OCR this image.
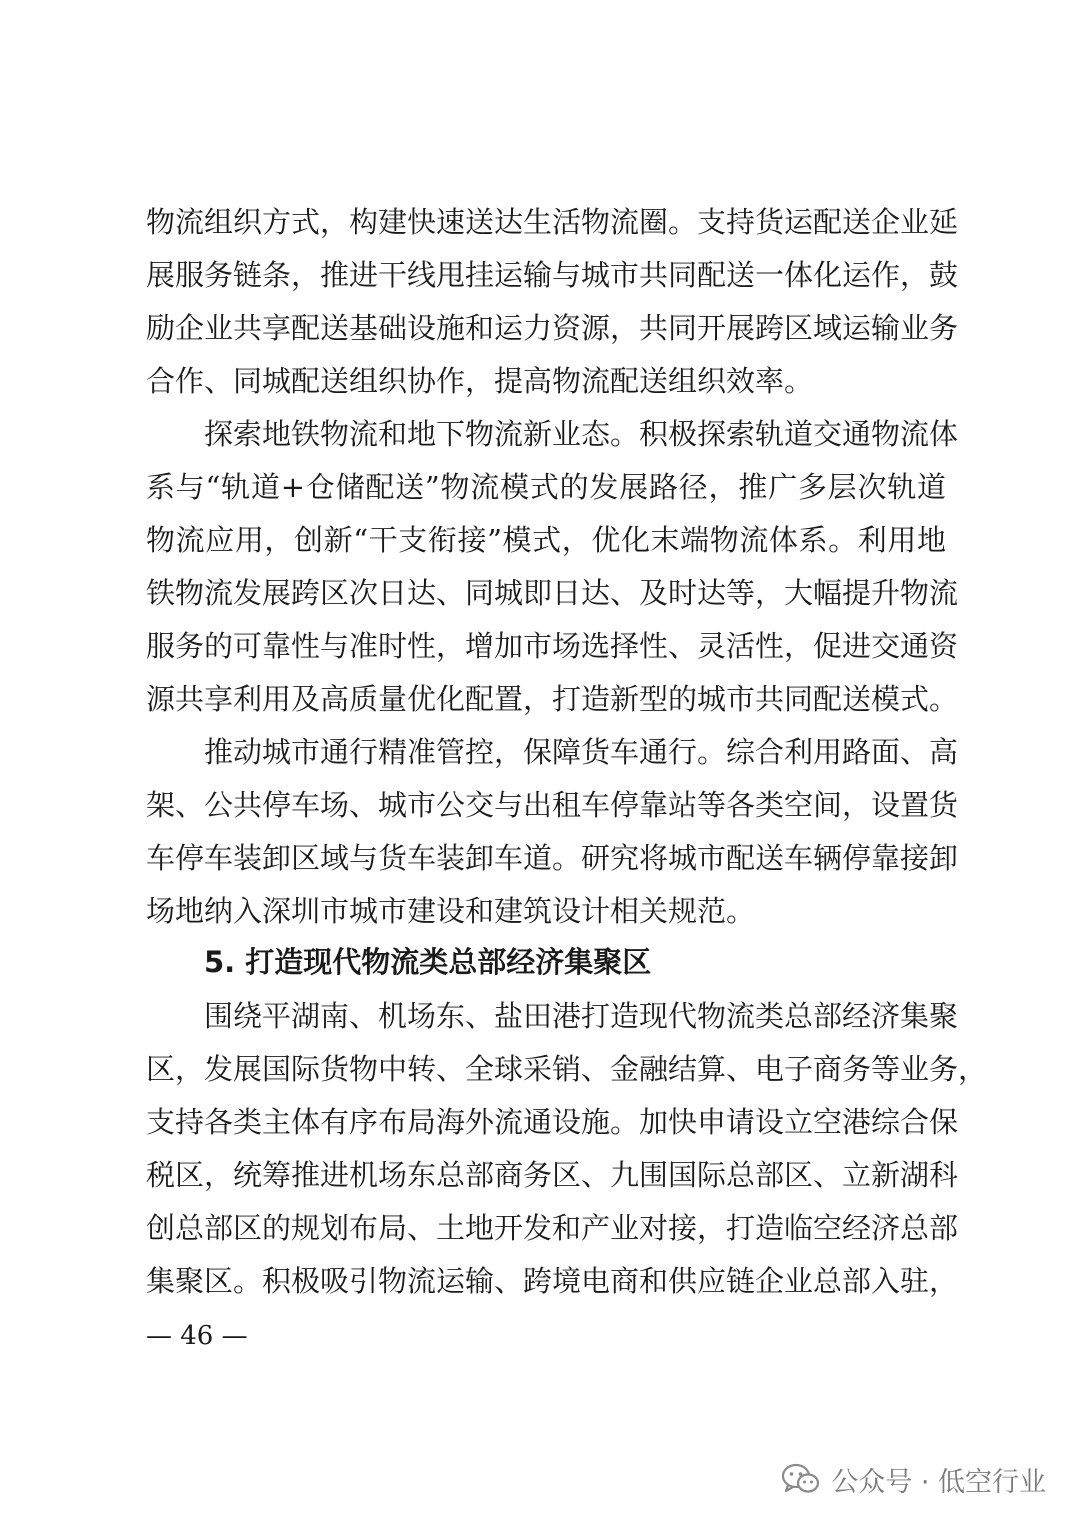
物流组织方式，构建快速送达生活物流圈。支持货运配送企业延
展服务链条，推进干线甩挂运输与城市共同配送一体化运作，鼓
励企业共享配送基础设施和运力资源，共同开展跨区域运输业务
合作、同城配送组织协作，提高物流配送组织效率。
探索地铁物流和地下物流新业态。积极探索轨道交通物流体
系与“轨道+仓储配送”物流模式的发展路径，推广多层次轨道
物流应用，创新“干支衔接”模式，优化末端物流体系。利用地
铁物流发展跨区次日达、同城即日达、及时达等，大幅提升物流
服务的可靠性与准时性，增加市场选择性、灵活性，促进交通资
源共享利用及高质量优化配置，打造新型的城市共同配送模式。
推动城市通行精准管控，保障货车通行。综合利用路面、高
架、公共停车场、城市公交与出租车停靠站等各类空间，设置货
车停车装卸区域与货车装卸车道。研究将城市配送车辆停靠接卸
场地纳入深圳市城市建设和建筑设计相关规范。
5. 打造现代物流类总部经济集聚区
围绕平湖南、机场东、盐田港打造现代物流类总部经济集聚
区，发展国际货物中转、全球采销、金融结算、电子商务等业务，
支持各类主体有序布局海外流通设施。加快申请设立空港综合保
税区，统筹推进机场东总部商务区、九围国际总部区、立新湖科
创总部区的规划布局、土地开发和产业对接，打造临空经济总部
集聚区。积极吸引物流运输、跨境电商和供应链企业总部入驻，
— 46 —
公众号 · 低空行业
